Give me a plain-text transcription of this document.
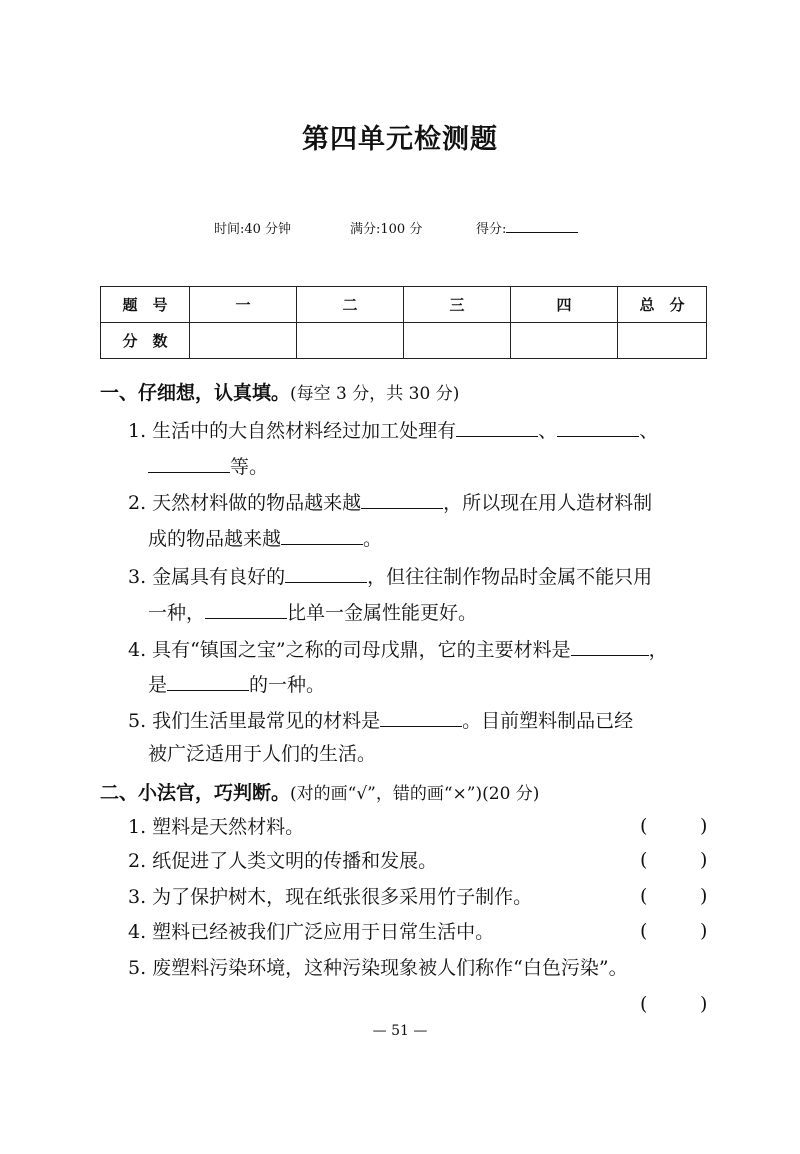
第四单元检测题
时间:40 分钟	满分:100 分	得分:
题　号	一	二	三	四	总　分
分　数					
一、仔细想，认真填。(每空 3 分，共 30 分)
1. 生活中的大自然材料经过加工处理有	、	、
等。
2. 天然材料做的物品越来越	，所以现在用人造材料制
成的物品越来越	。
3. 金属具有良好的	，但往往制作物品时金属不能只用
一种，	比单一金属性能更好。
4. 具有“镇国之宝”之称的司母戊鼎，它的主要材料是	，
是	的一种。
5. 我们生活里最常见的材料是	。目前塑料制品已经
被广泛适用于人们的生活。
二、小法官，巧判断。(对的画“√”，错的画“×”)(20 分)
1. 塑料是天然材料。	(	)
2. 纸促进了人类文明的传播和发展。	(	)
3. 为了保护树木，现在纸张很多采用竹子制作。	(	)
4. 塑料已经被我们广泛应用于日常生活中。	(	)
5. 废塑料污染环境，这种污染现象被人们称作“白色污染”。
(	)
— 51 —
